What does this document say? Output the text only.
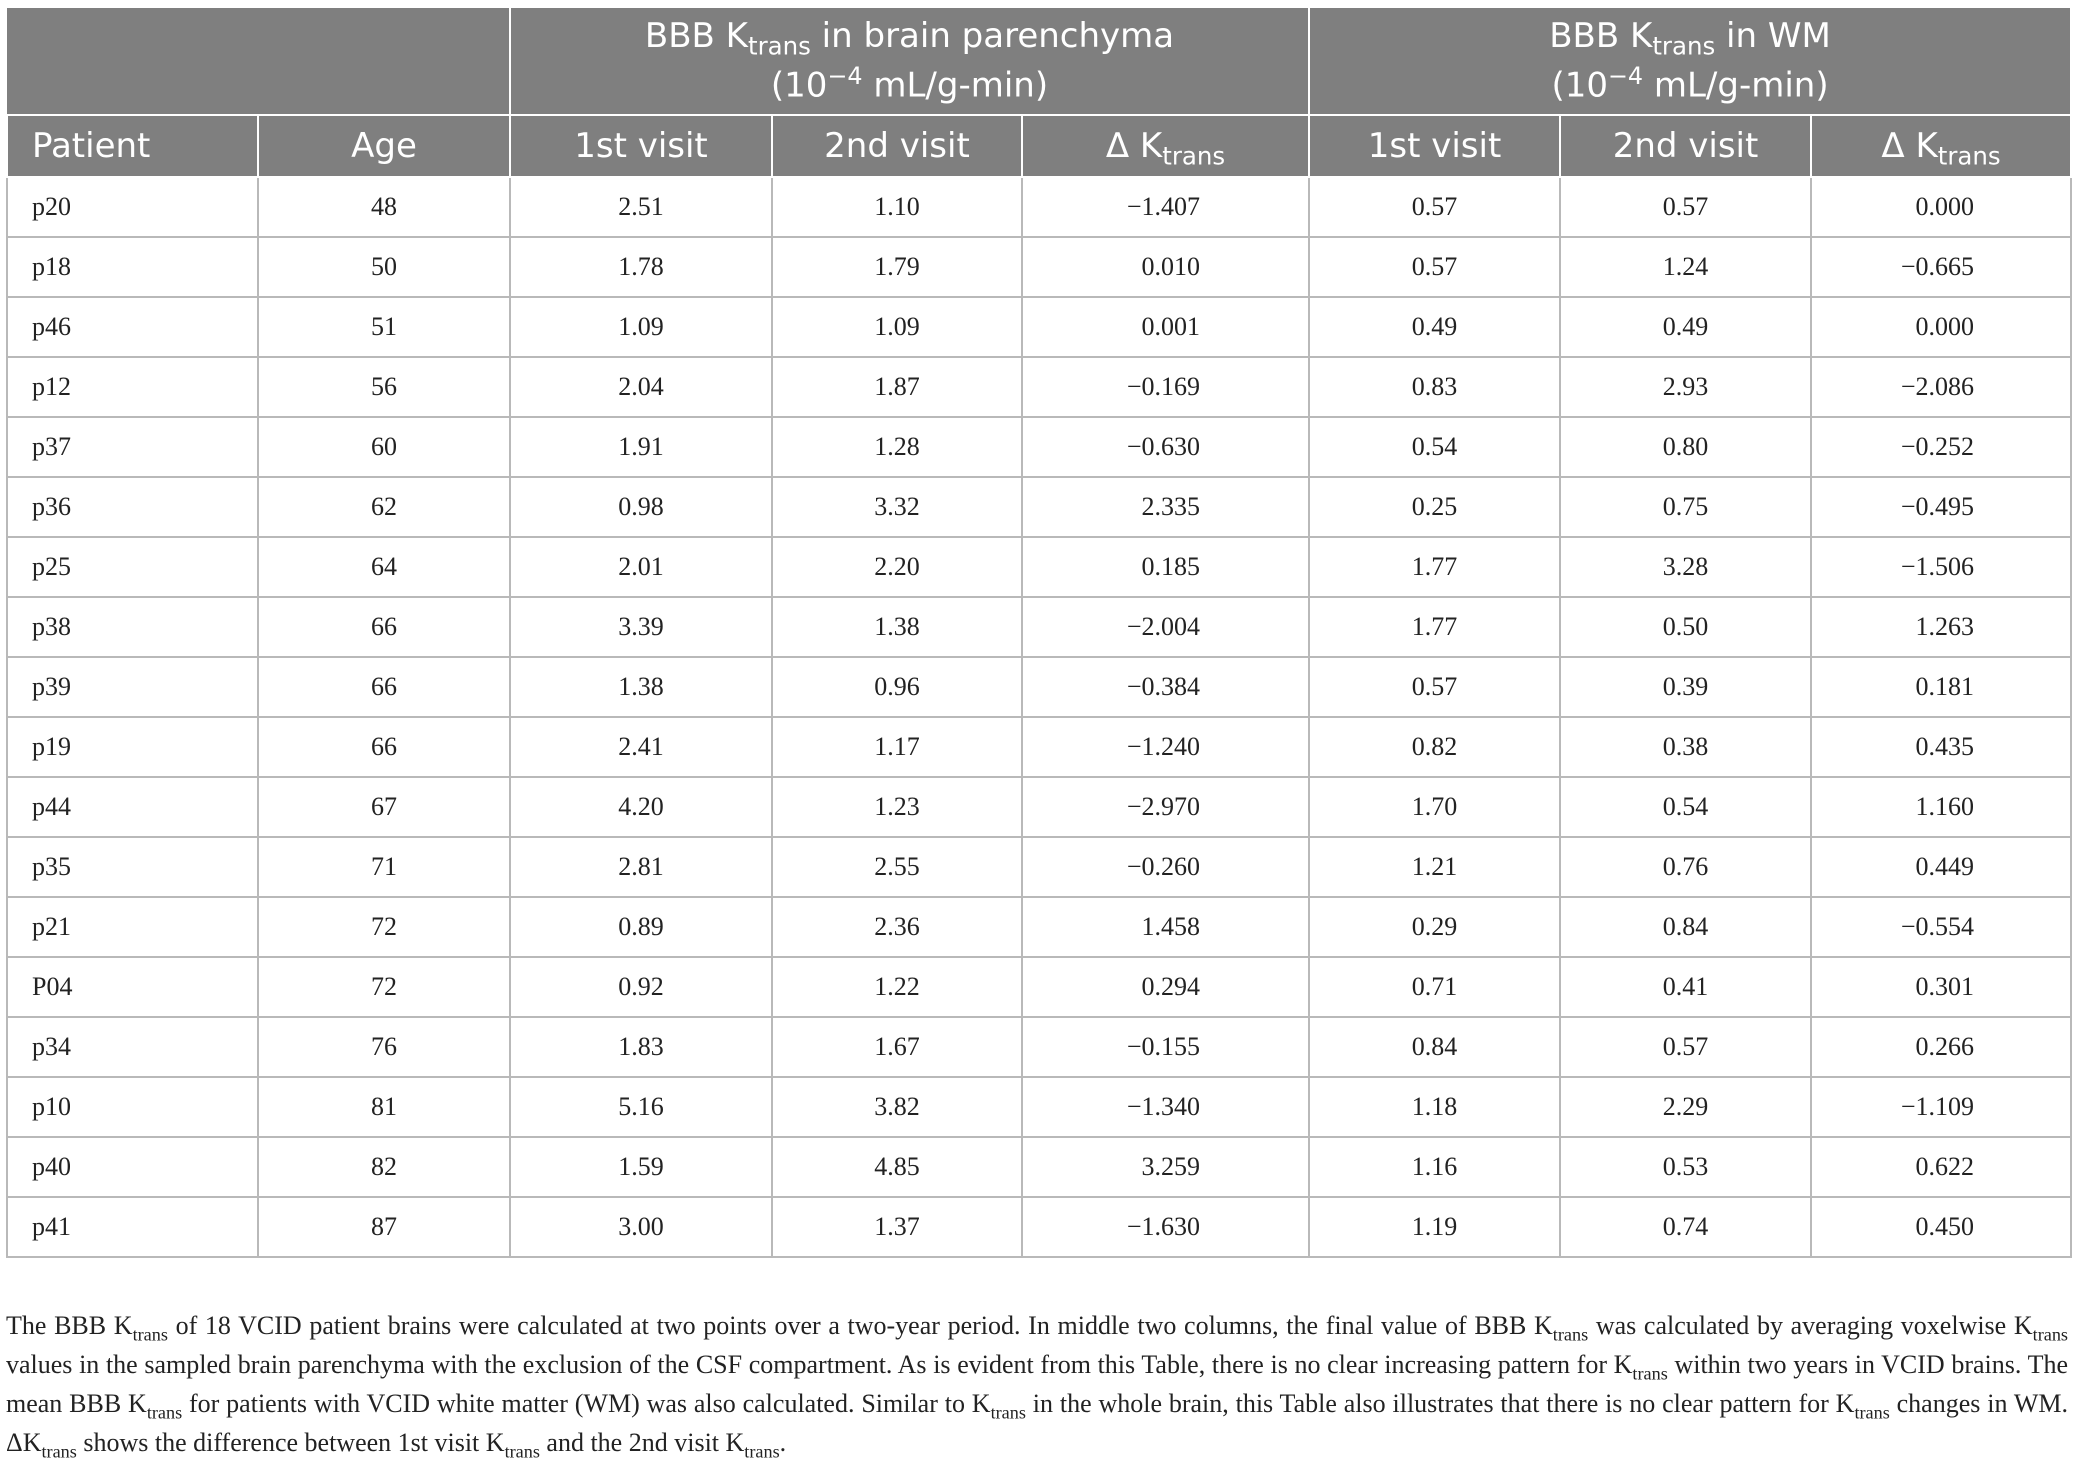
		BBB $K_{trans}$ in brain parenchyma
($10^{-4}$ mL/g-min)			BBB $K_{trans}$ in WM
($10^{-4}$ mL/g-min)		

Patient	Age	1st visit	2nd visit	Δ $K_{trans}$	1st visit	2nd visit	Δ $K_{trans}$
p20	48	2.51	1.10	−1.407	0.57	0.57	0.000
p18	50	1.78	1.79	0.010	0.57	1.24	−0.665
p46	51	1.09	1.09	0.001	0.49	0.49	0.000
p12	56	2.04	1.87	−0.169	0.83	2.93	−2.086
p37	60	1.91	1.28	−0.630	0.54	0.80	−0.252
p36	62	0.98	3.32	2.335	0.25	0.75	−0.495
p25	64	2.01	2.20	0.185	1.77	3.28	−1.506
p38	66	3.39	1.38	−2.004	1.77	0.50	1.263
p39	66	1.38	0.96	−0.384	0.57	0.39	0.181
p19	66	2.41	1.17	−1.240	0.82	0.38	0.435
p44	67	4.20	1.23	−2.970	1.70	0.54	1.160
p35	71	2.81	2.55	−0.260	1.21	0.76	0.449
p21	72	0.89	2.36	1.458	0.29	0.84	−0.554
P04	72	0.92	1.22	0.294	0.71	0.41	0.301
p34	76	1.83	1.67	−0.155	0.84	0.57	0.266
p10	81	5.16	3.82	−1.340	1.18	2.29	−1.109
p40	82	1.59	4.85	3.259	1.16	0.53	0.622
p41	87	3.00	1.37	−1.630	1.19	0.74	0.450
The BBB $K_{trans}$ of 18 VCID patient brains were calculated at two points over a two-year period. In middle two columns, the final value of BBB $K_{trans}$ was calculated by averaging voxelwise $K_{trans}$ values in the sampled brain parenchyma with the exclusion of the CSF compartment. As is evident from this Table, there is no clear increasing pattern for $K_{trans}$ within two years in VCID brains. The mean BBB $K_{trans}$ for patients with VCID white matter (WM) was also calculated. Similar to $K_{trans}$ in the whole brain, this Table also illustrates that there is no clear pattern for $K_{trans}$ changes in WM. $\Delta K_{trans}$ shows the difference between 1st visit $K_{trans}$ and the 2nd visit $K_{trans}$.
